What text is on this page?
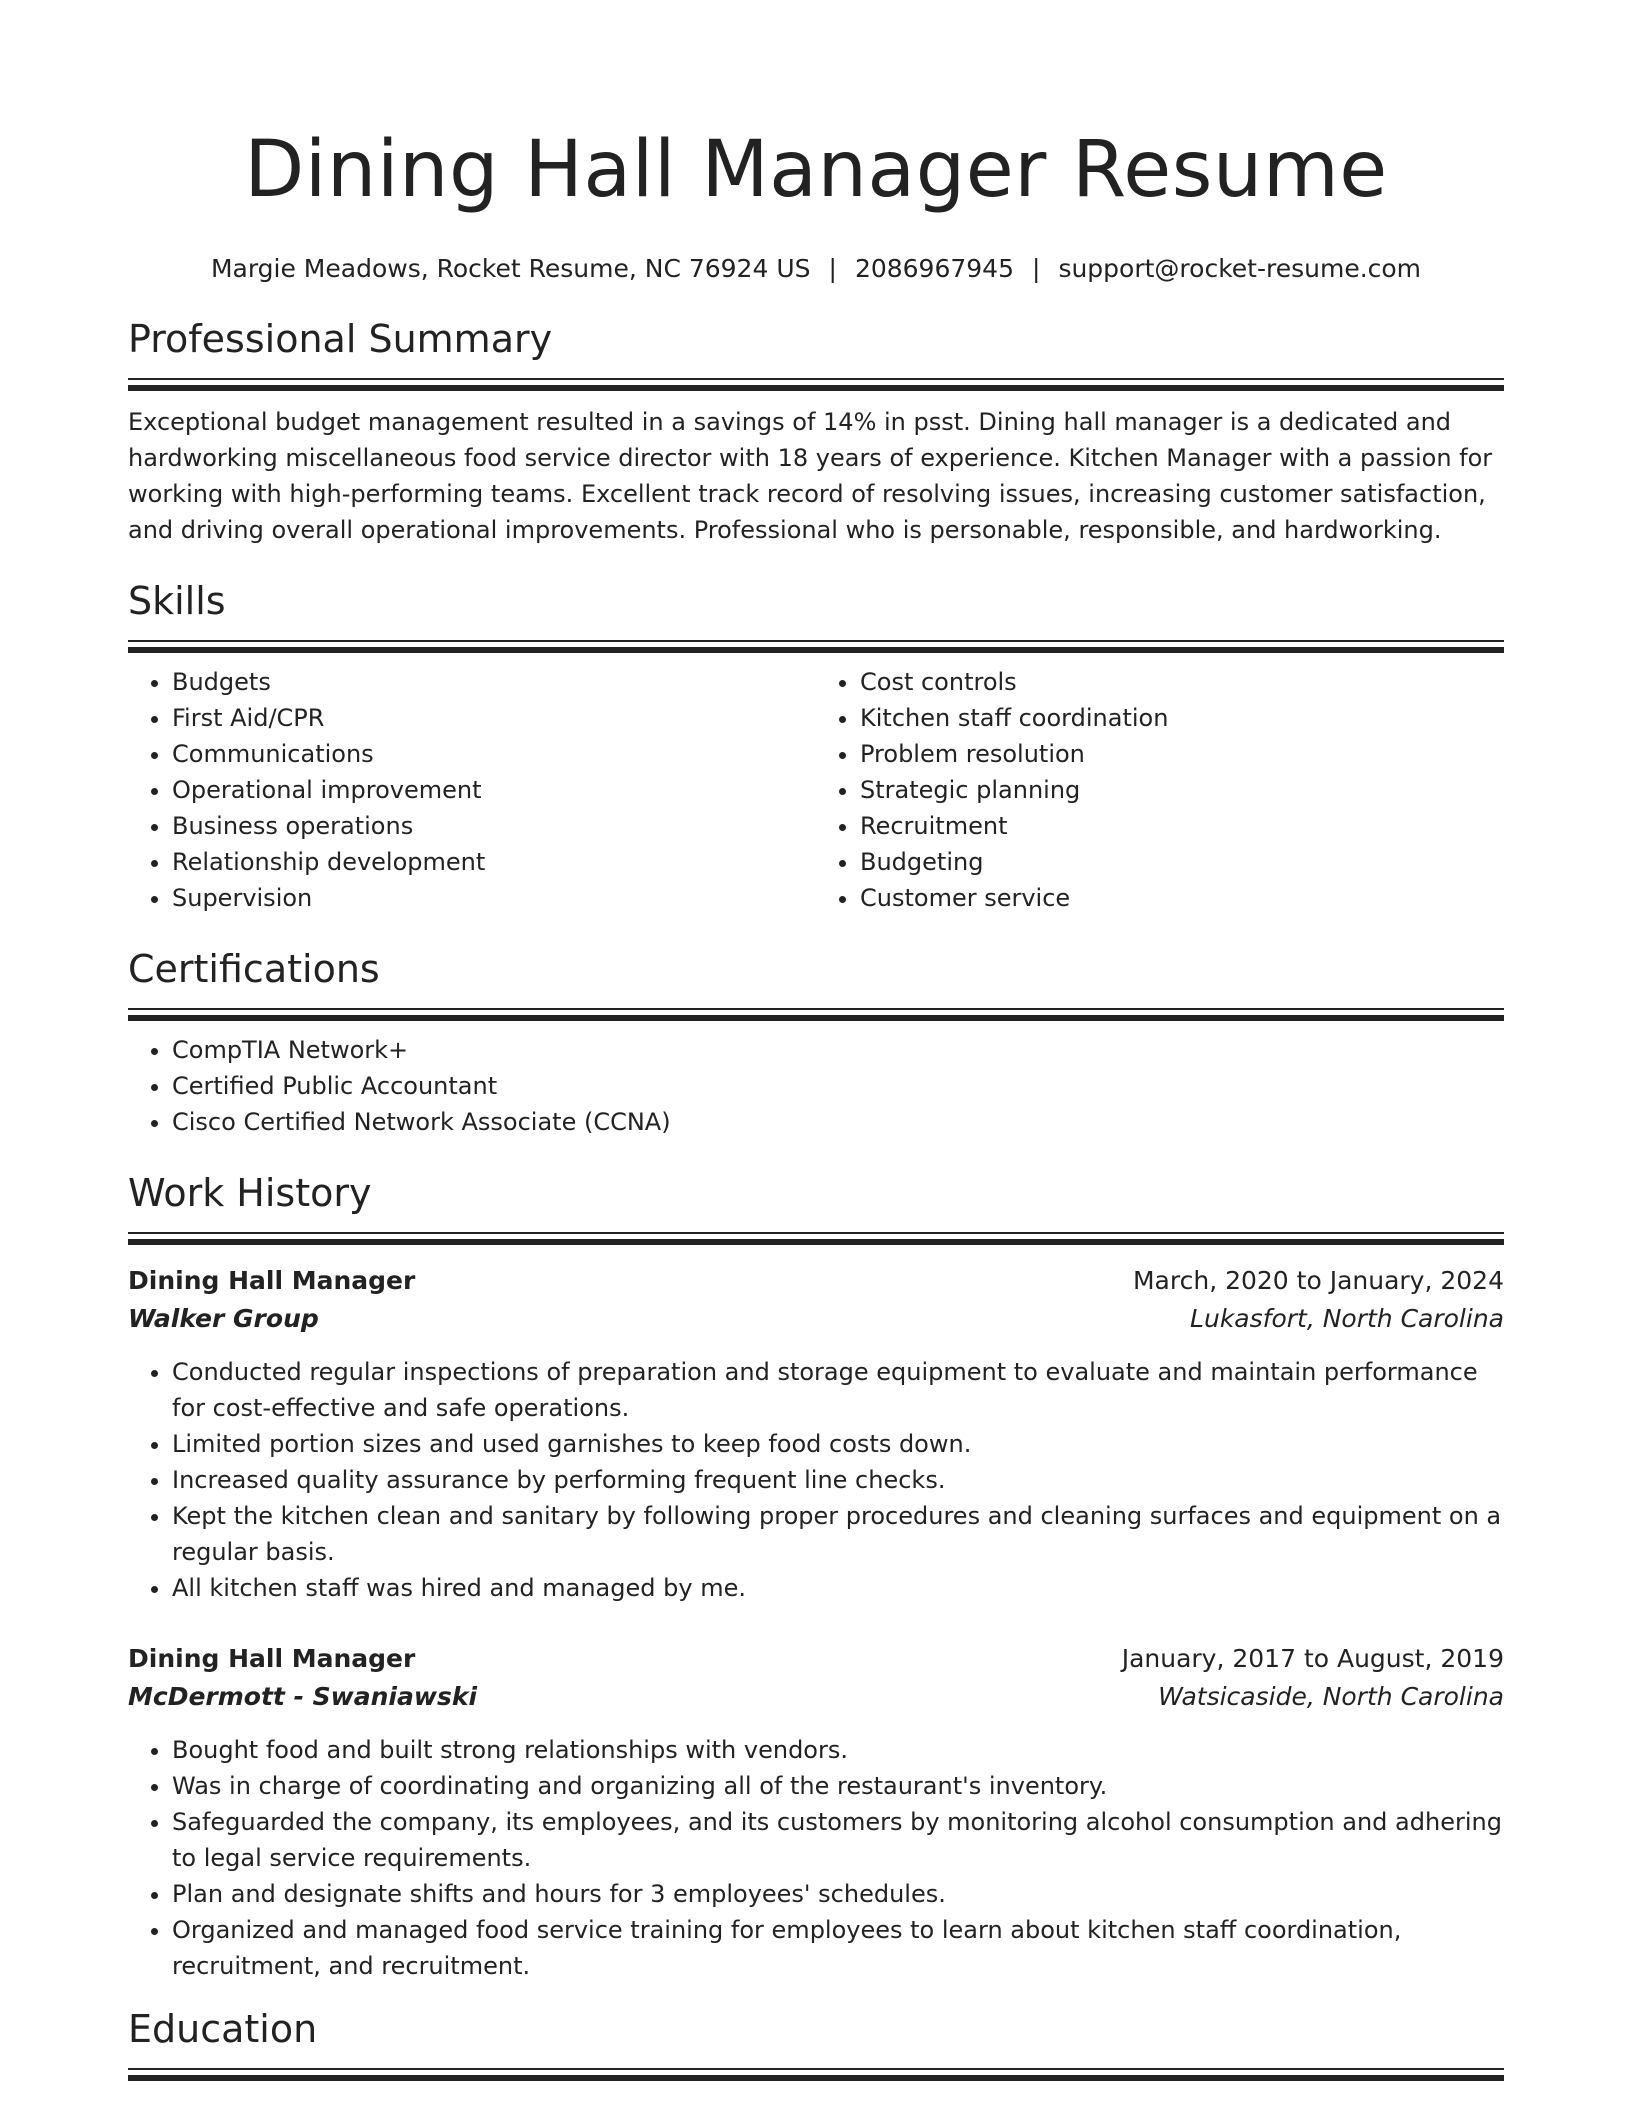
Dining Hall Manager Resume
Margie Meadows, Rocket Resume, NC 76924 US | 2086967945 | support@rocket-resume.com
Professional Summary
Exceptional budget management resulted in a savings of 14% in psst. Dining hall manager is a dedicated and hardworking miscellaneous food service director with 18 years of experience. Kitchen Manager with a passion for working with high-performing teams. Excellent track record of resolving issues, increasing customer satisfaction, and driving overall operational improvements. Professional who is personable, responsible, and hardworking.
Skills
• Budgets
• First Aid/CPR
• Communications
• Operational improvement
• Business operations
• Relationship development
• Supervision
• Cost controls
• Kitchen staff coordination
• Problem resolution
• Strategic planning
• Recruitment
• Budgeting
• Customer service
Certifications
• CompTIA Network+
• Certified Public Accountant
• Cisco Certified Network Associate (CCNA)
Work History
Dining Hall Manager	March, 2020 to January, 2024
Walker Group	Lukasfort, North Carolina
• Conducted regular inspections of preparation and storage equipment to evaluate and maintain performance for cost-effective and safe operations.
• Limited portion sizes and used garnishes to keep food costs down.
• Increased quality assurance by performing frequent line checks.
• Kept the kitchen clean and sanitary by following proper procedures and cleaning surfaces and equipment on a regular basis.
• All kitchen staff was hired and managed by me.
Dining Hall Manager	January, 2017 to August, 2019
McDermott - Swaniawski	Watsicaside, North Carolina
• Bought food and built strong relationships with vendors.
• Was in charge of coordinating and organizing all of the restaurant's inventory.
• Safeguarded the company, its employees, and its customers by monitoring alcohol consumption and adhering to legal service requirements.
• Plan and designate shifts and hours for 3 employees' schedules.
• Organized and managed food service training for employees to learn about kitchen staff coordination, recruitment, and recruitment.
Education
